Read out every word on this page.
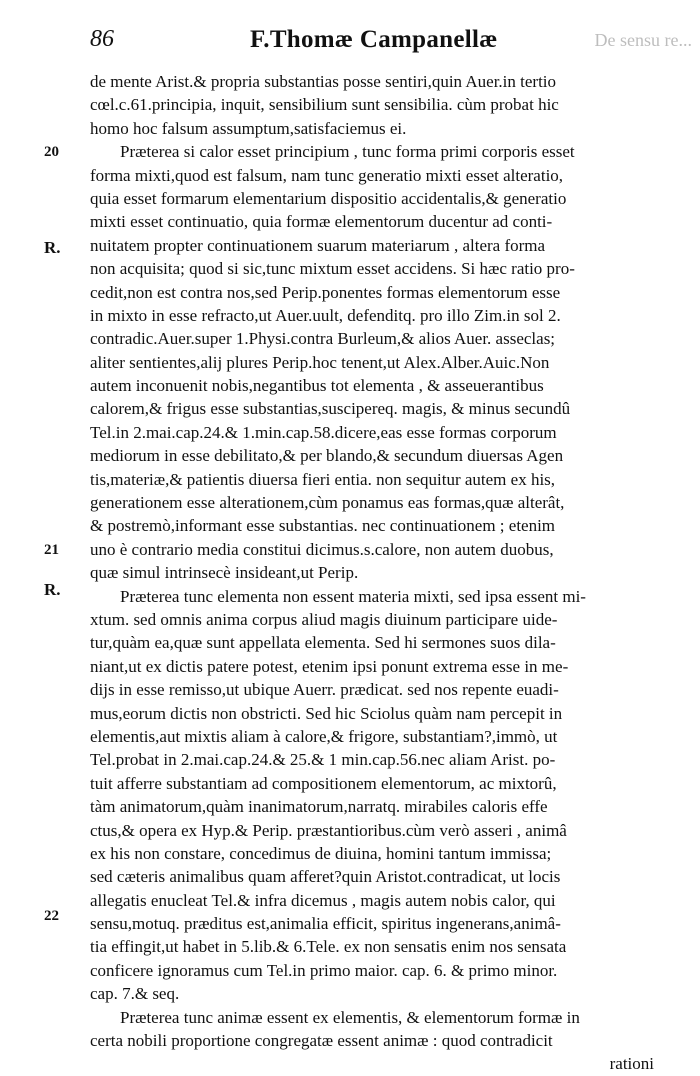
86	F.Thomæ Campanellæ	De sensu re...
20
R.
21
R.
22
de mente Arist.& propria substantias posse sentiri,quin Auer.in tertio
cœl.c.61.principia, inquit, sensibilium sunt sensibilia. cùm probat hic
homo hoc falsum assumptum,satisfaciemus ei.
Præterea si calor esset principium , tunc forma primi corporis esset
forma mixti,quod est falsum, nam tunc generatio mixti esset alteratio,
quia esset formarum elementarium dispositio accidentalis,& generatio
mixti esset continuatio, quia formæ elementorum ducentur ad conti-
nuitatem propter continuationem suarum materiarum , altera forma
non acquisita; quod si sic,tunc mixtum esset accidens. Si hæc ratio pro-
cedit,non est contra nos,sed Perip.ponentes formas elementorum esse
in mixto in esse refracto,ut Auer.uult, defenditq. pro illo Zim.in sol 2.
contradic.Auer.super 1.Physi.contra Burleum,& alios Auer. asseclas;
aliter sentientes,alij plures Perip.hoc tenent,ut Alex.Alber.Auic.Non
autem inconuenit nobis,negantibus tot elementa , & asseuerantibus
calorem,& frigus esse substantias,suscipereq. magis, & minus secundû
Tel.in 2.mai.cap.24.& 1.min.cap.58.dicere,eas esse formas corporum
mediorum in esse debilitato,& per blando,& secundum diuersas Agen
tis,materiæ,& patientis diuersa fieri entia. non sequitur autem ex his,
generationem esse alterationem,cùm ponamus eas formas,quæ alterât,
& postremò,informant esse substantias. nec continuationem ; etenim
uno è contrario media constitui dicimus.s.calore, non autem duobus,
quæ simul intrinsecè insideant,ut Perip.
Præterea tunc elementa non essent materia mixti, sed ipsa essent mi-
xtum. sed omnis anima corpus aliud magis diuinum participare uide-
tur,quàm ea,quæ sunt appellata elementa. Sed hi sermones suos dila-
niant,ut ex dictis patere potest, etenim ipsi ponunt extrema esse in me-
dijs in esse remisso,ut ubique Auerr. prædicat. sed nos repente euadi-
mus,eorum dictis non obstricti. Sed hic Sciolus quàm nam percepit in
elementis,aut mixtis aliam à calore,& frigore, substantiam?,immò, ut
Tel.probat in 2.mai.cap.24.& 25.& 1 min.cap.56.nec aliam Arist. po-
tuit afferre substantiam ad compositionem elementorum, ac mixtorû,
tàm animatorum,quàm inanimatorum,narratq. mirabiles caloris effe
ctus,& opera ex Hyp.& Perip. præstantioribus.cùm verò asseri , animâ
ex his non constare, concedimus de diuina, homini tantum immissa;
sed cæteris animalibus quam afferet?quin Aristot.contradicat, ut locis
allegatis enucleat Tel.& infra dicemus , magis autem nobis calor, qui
sensu,motuq. præditus est,animalia efficit, spiritus ingenerans,animâ-
tia effingit,ut habet in 5.lib.& 6.Tele. ex non sensatis enim nos sensata
conficere ignoramus cum Tel.in primo maior. cap. 6. & primo minor.
cap. 7.& seq.
Præterea tunc animæ essent ex elementis, & elementorum formæ in
certa nobili proportione congregatæ essent animæ : quod contradicit
rationi
